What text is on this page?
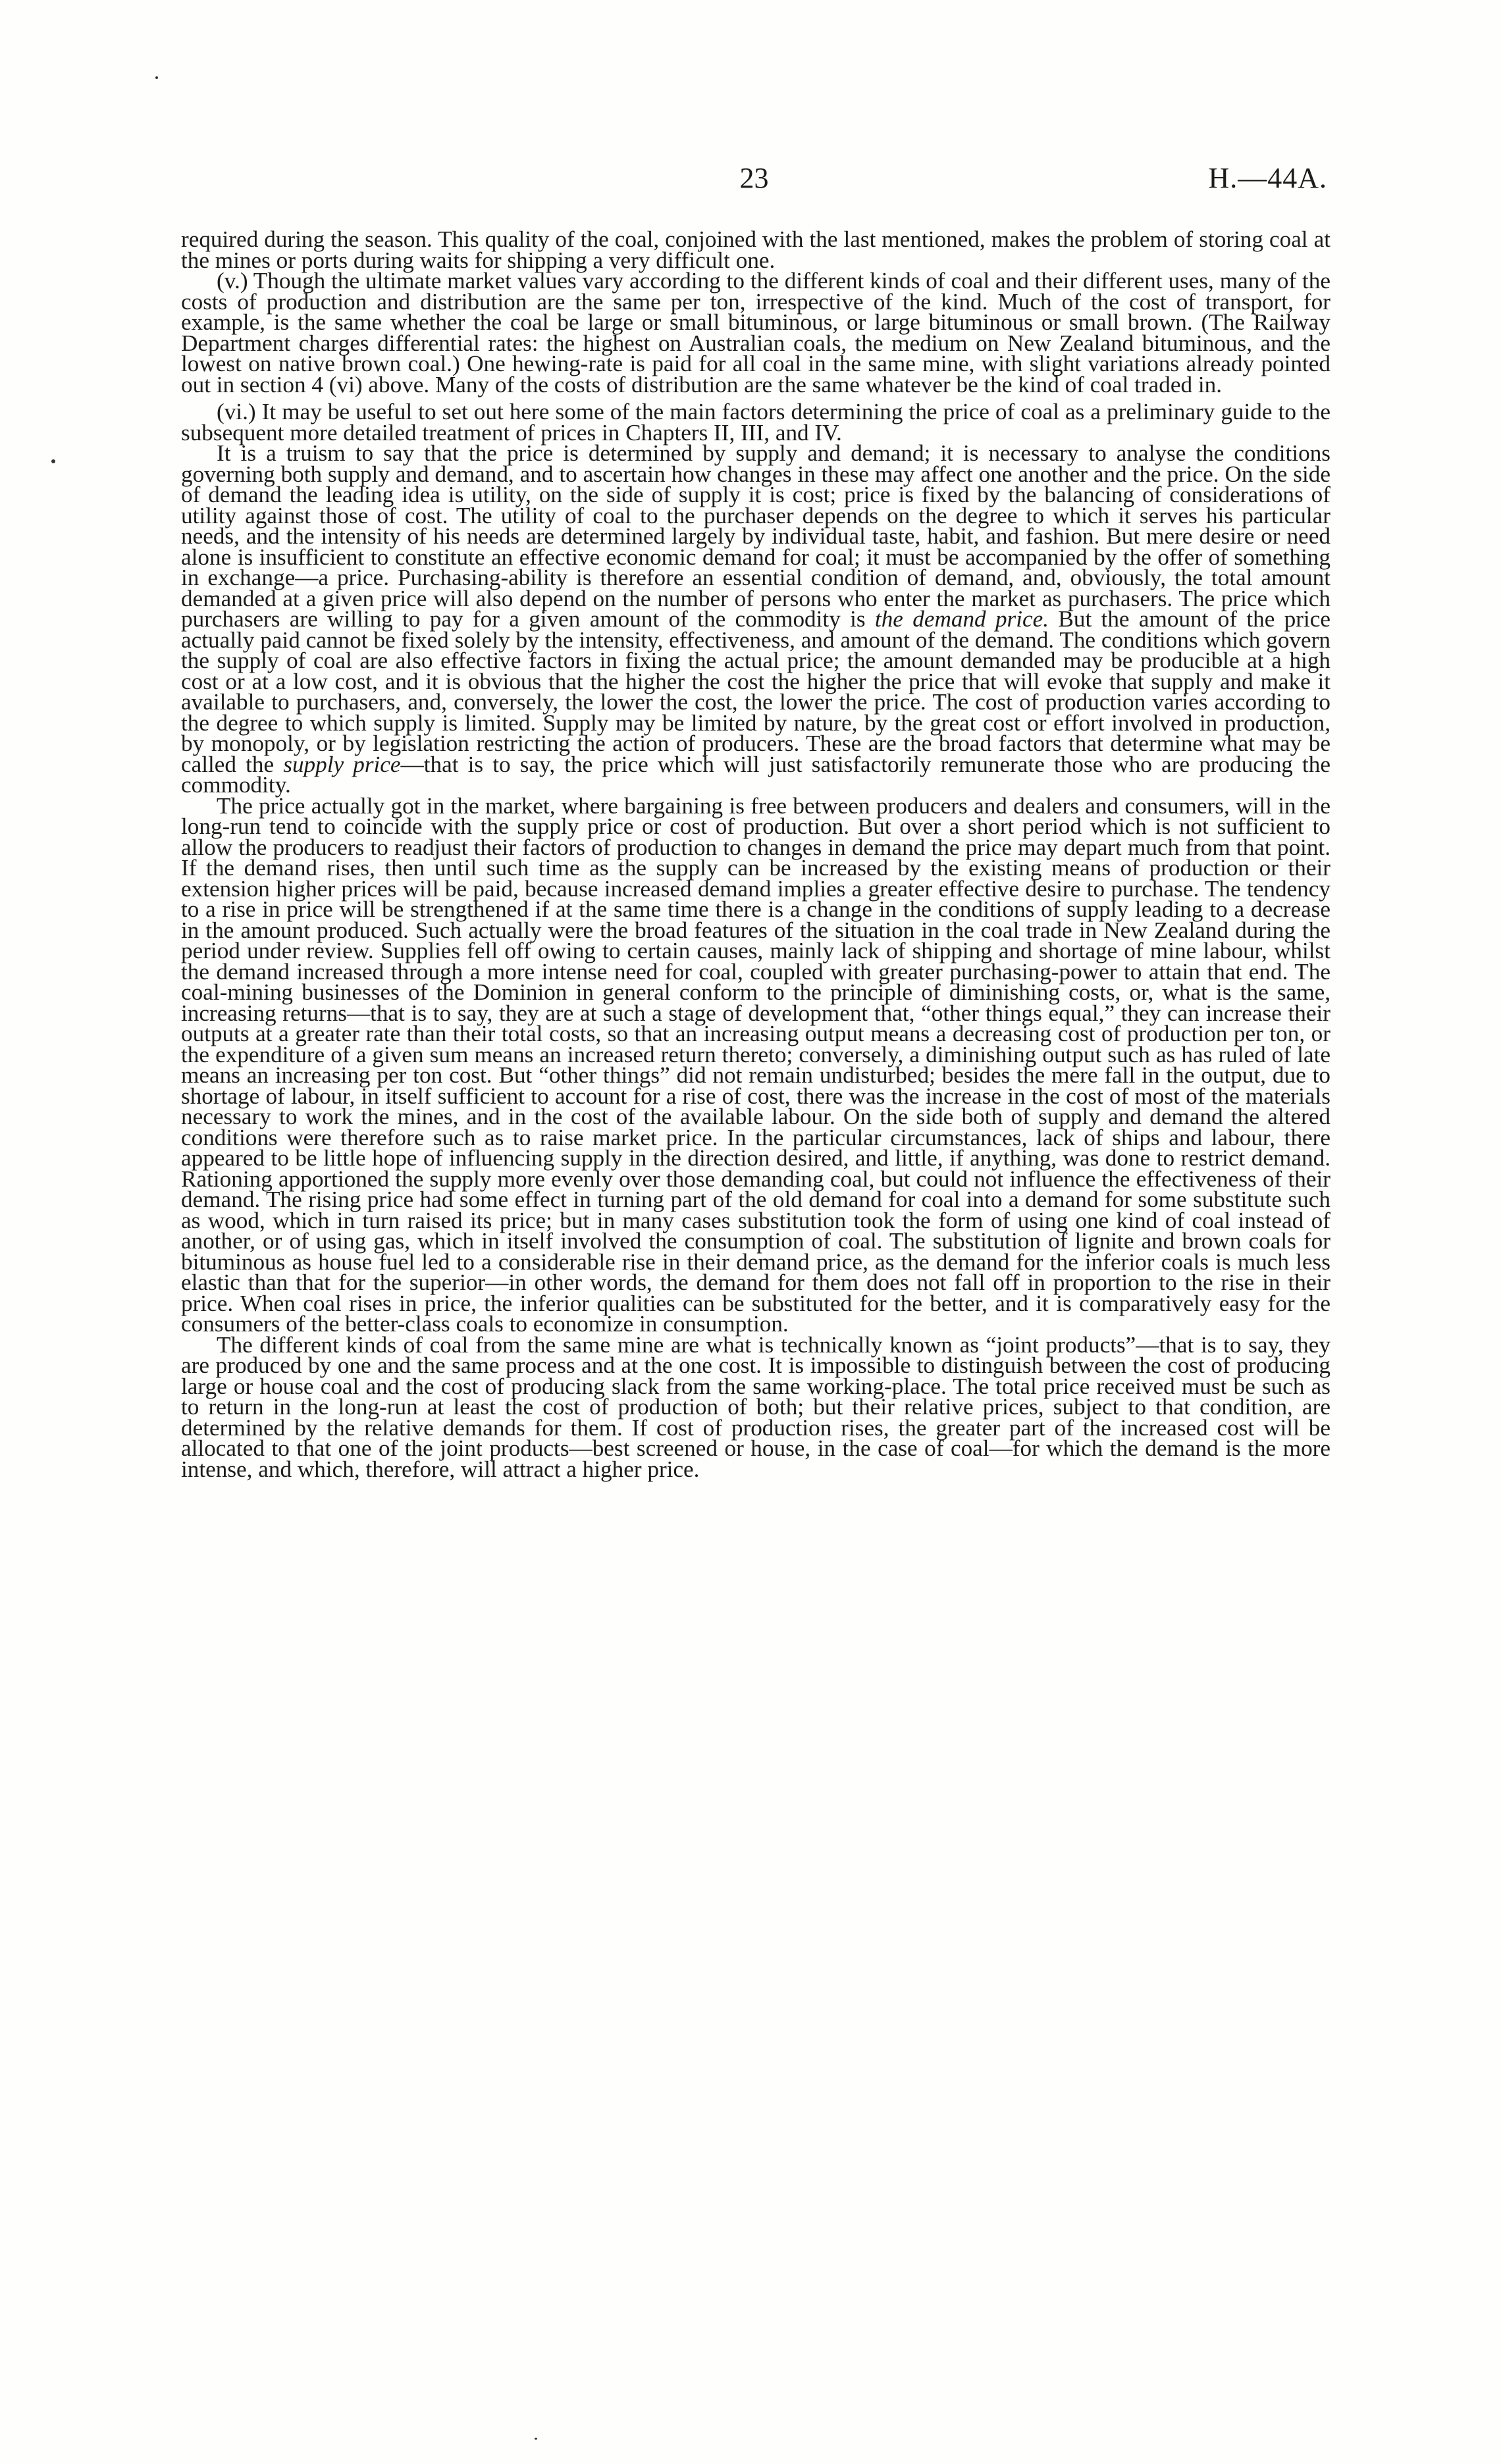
23	H.—44A.

required during the season. This quality of the coal, conjoined with the last mentioned, makes the problem of storing coal at the mines or ports during waits for shipping a very difficult one.

(v.) Though the ultimate market values vary according to the different kinds of coal and their different uses, many of the costs of production and distribution are the same per ton, irrespective of the kind. Much of the cost of transport, for example, is the same whether the coal be large or small bituminous, or large bituminous or small brown. (The Railway Department charges differential rates: the highest on Australian coals, the medium on New Zealand bituminous, and the lowest on native brown coal.) One hewing-rate is paid for all coal in the same mine, with slight variations already pointed out in section 4 (vi) above. Many of the costs of distribution are the same whatever be the kind of coal traded in.

(vi.) It may be useful to set out here some of the main factors determining the price of coal as a preliminary guide to the subsequent more detailed treatment of prices in Chapters II, III, and IV.

It is a truism to say that the price is determined by supply and demand; it is necessary to analyse the conditions governing both supply and demand, and to ascertain how changes in these may affect one another and the price. On the side of demand the leading idea is utility, on the side of supply it is cost; price is fixed by the balancing of considerations of utility against those of cost. The utility of coal to the purchaser depends on the degree to which it serves his particular needs, and the intensity of his needs are determined largely by individual taste, habit, and fashion. But mere desire or need alone is insufficient to constitute an effective economic demand for coal; it must be accompanied by the offer of something in exchange—a price. Purchasing-ability is therefore an essential condition of demand, and, obviously, the total amount demanded at a given price will also depend on the number of persons who enter the market as purchasers. The price which purchasers are willing to pay for a given amount of the commodity is the demand price. But the amount of the price actually paid cannot be fixed solely by the intensity, effectiveness, and amount of the demand. The conditions which govern the supply of coal are also effective factors in fixing the actual price; the amount demanded may be producible at a high cost or at a low cost, and it is obvious that the higher the cost the higher the price that will evoke that supply and make it available to purchasers, and, conversely, the lower the cost, the lower the price. The cost of production varies according to the degree to which supply is limited. Supply may be limited by nature, by the great cost or effort involved in production, by monopoly, or by legislation restricting the action of producers. These are the broad factors that determine what may be called the supply price—that is to say, the price which will just satisfactorily remunerate those who are producing the commodity.

The price actually got in the market, where bargaining is free between producers and dealers and consumers, will in the long-run tend to coincide with the supply price or cost of production. But over a short period which is not sufficient to allow the producers to readjust their factors of production to changes in demand the price may depart much from that point. If the demand rises, then until such time as the supply can be increased by the existing means of production or their extension higher prices will be paid, because increased demand implies a greater effective desire to purchase. The tendency to a rise in price will be strengthened if at the same time there is a change in the conditions of supply leading to a decrease in the amount produced. Such actually were the broad features of the situation in the coal trade in New Zealand during the period under review. Supplies fell off owing to certain causes, mainly lack of shipping and shortage of mine labour, whilst the demand increased through a more intense need for coal, coupled with greater purchasing-power to attain that end. The coal-mining businesses of the Dominion in general conform to the principle of diminishing costs, or, what is the same, increasing returns—that is to say, they are at such a stage of development that, “other things equal,” they can increase their outputs at a greater rate than their total costs, so that an increasing output means a decreasing cost of production per ton, or the expenditure of a given sum means an increased return thereto; conversely, a diminishing output such as has ruled of late means an increasing per ton cost. But “other things” did not remain undisturbed; besides the mere fall in the output, due to shortage of labour, in itself sufficient to account for a rise of cost, there was the increase in the cost of most of the materials necessary to work the mines, and in the cost of the available labour. On the side both of supply and demand the altered conditions were therefore such as to raise market price. In the particular circumstances, lack of ships and labour, there appeared to be little hope of influencing supply in the direction desired, and little, if anything, was done to restrict demand. Rationing apportioned the supply more evenly over those demanding coal, but could not influence the effectiveness of their demand. The rising price had some effect in turning part of the old demand for coal into a demand for some substitute such as wood, which in turn raised its price; but in many cases substitution took the form of using one kind of coal instead of another, or of using gas, which in itself involved the consumption of coal. The substitution of lignite and brown coals for bituminous as house fuel led to a considerable rise in their demand price, as the demand for the inferior coals is much less elastic than that for the superior—in other words, the demand for them does not fall off in proportion to the rise in their price. When coal rises in price, the inferior qualities can be substituted for the better, and it is comparatively easy for the consumers of the better-class coals to economize in consumption.

The different kinds of coal from the same mine are what is technically known as “joint products”—that is to say, they are produced by one and the same process and at the one cost. It is impossible to distinguish between the cost of producing large or house coal and the cost of producing slack from the same working-place. The total price received must be such as to return in the long-run at least the cost of production of both; but their relative prices, subject to that condition, are determined by the relative demands for them. If cost of production rises, the greater part of the increased cost will be allocated to that one of the joint products—best screened or house, in the case of coal—for which the demand is the more intense, and which, therefore, will attract a higher price.
